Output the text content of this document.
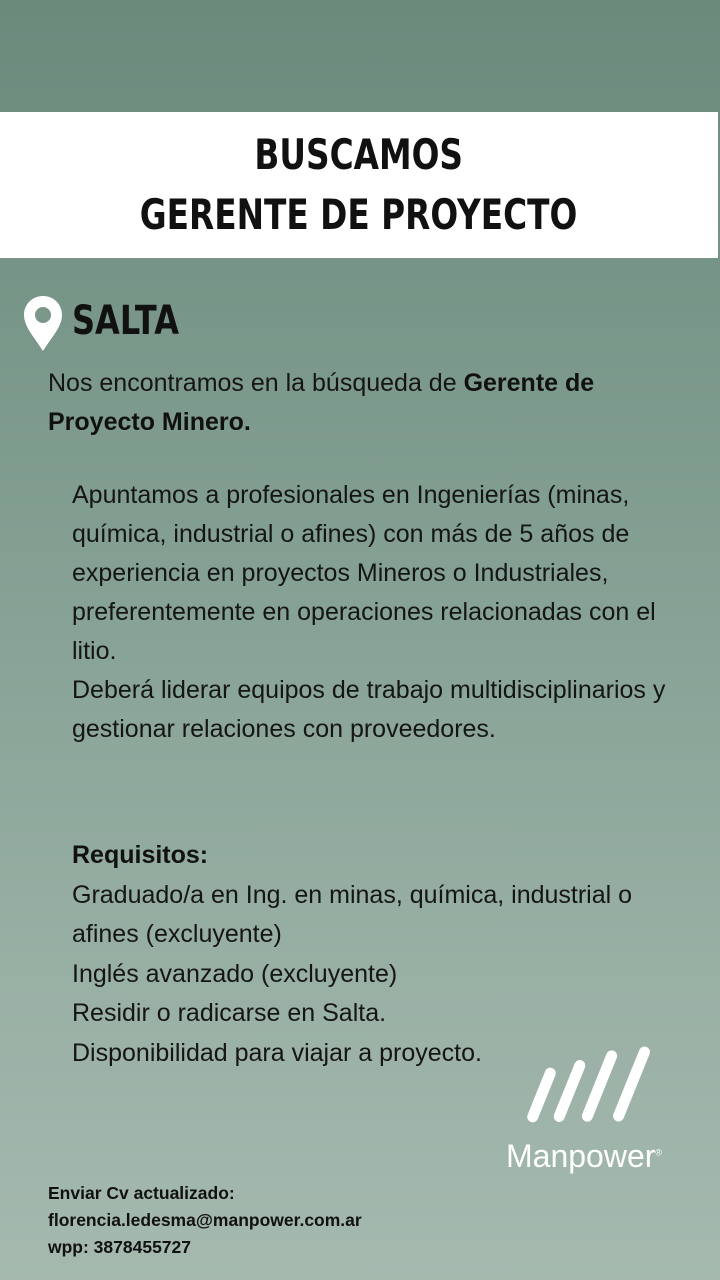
BUSCAMOS
GERENTE DE PROYECTO
SALTA
Nos encontramos en la búsqueda de Gerente de Proyecto Minero.

Apuntamos a profesionales en Ingenierías (minas, química, industrial o afines) con más de 5 años de experiencia en proyectos Mineros o Industriales, preferentemente en operaciones relacionadas con el litio.

Deberá liderar equipos de trabajo multidisciplinarios y gestionar relaciones con proveedores.

Requisitos:

Graduado/a en Ing. en minas, química, industrial o afines (excluyente)

Inglés avanzado (excluyente)

Residir o radicarse en Salta.

Disponibilidad para viajar a proyecto.

Manpower®
Enviar Cv actualizado:
florencia.ledesma@manpower.com.ar
wpp: 3878455727
